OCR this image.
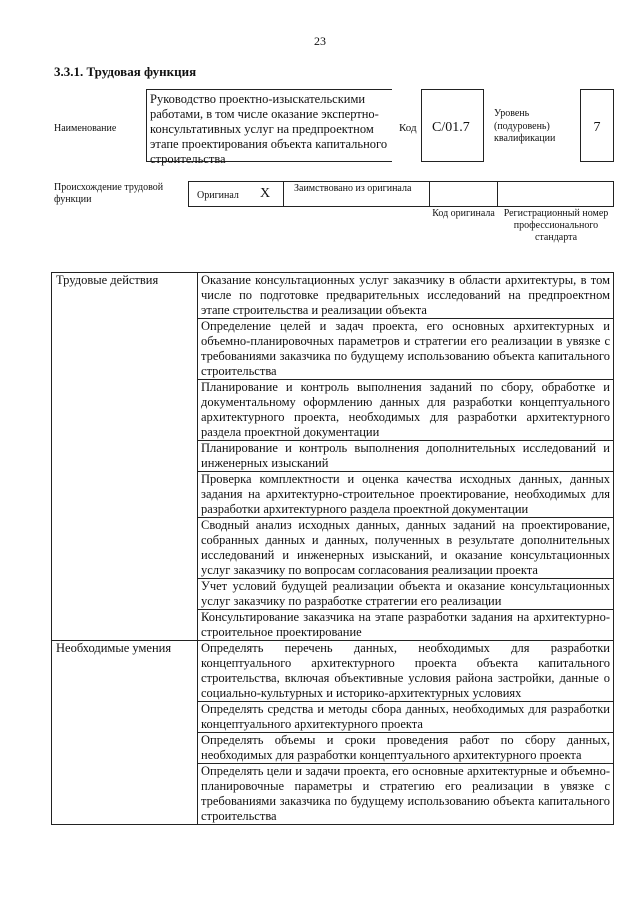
23
3.3.1. Трудовая функция
Наименование
Руководство проектно-изыскательскими работами, в том числе оказание экспертно-консультативных услуг на предпроектном этапе проектирования объекта капитального строительства
Код	С/01.7
Уровень (подуровень) квалификации
7
Происхождение трудовой функции	Оригинал X	Заимствовано из оригинала
Код оригинала Регистрационный номер профессионального стандарта
Трудовые действия	Оказание консультационных услуг заказчику в области архитектуры, в том числе по подготовке предварительных исследований на предпроектном этапе строительства и реализации объекта
	Определение целей и задач проекта, его основных архитектурных и объемно-планировочных параметров и стратегии его реализации в увязке с требованиями заказчика по будущему использованию объекта капитального строительства
	Планирование и контроль выполнения заданий по сбору, обработке и документальному оформлению данных для разработки концептуального архитектурного проекта, необходимых для разработки архитектурного раздела проектной документации
	Планирование и контроль выполнения дополнительных исследований и инженерных изысканий
	Проверка комплектности и оценка качества исходных данных, данных задания на архитектурно-строительное проектирование, необходимых для разработки архитектурного раздела проектной документации
	Сводный анализ исходных данных, данных заданий на проектирование, собранных данных и данных, полученных в результате дополнительных исследований и инженерных изысканий, и оказание консультационных услуг заказчику по вопросам согласования реализации проекта
	Учет условий будущей реализации объекта и оказание консультационных услуг заказчику по разработке стратегии его реализации
	Консультирование заказчика на этапе разработки задания на архитектурно-строительное проектирование
Необходимые умения	Определять перечень данных, необходимых для разработки концептуального архитектурного проекта объекта капитального строительства, включая объективные условия района застройки, данные о социально-культурных и историко-архитектурных условиях
	Определять средства и методы сбора данных, необходимых для разработки концептуального архитектурного проекта
	Определять объемы и сроки проведения работ по сбору данных, необходимых для разработки концептуального архитектурного проекта
	Определять цели и задачи проекта, его основные архитектурные и объемно-планировочные параметры и стратегию его реализации в увязке с требованиями заказчика по будущему использованию объекта капитального строительства
